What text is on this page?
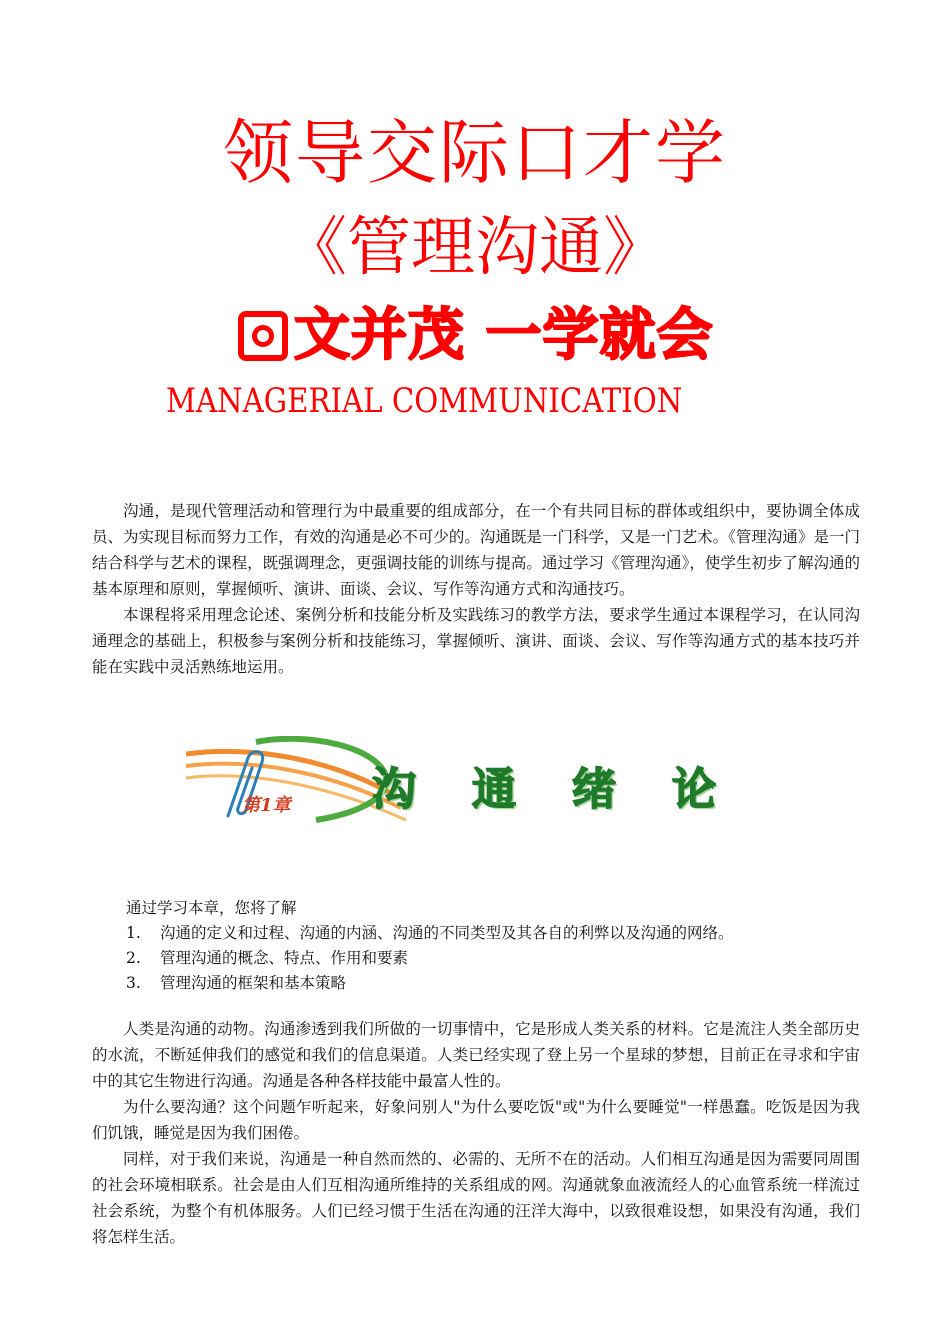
领导交际口才学
《管理沟通》
文并茂 一学就会
MANAGERIAL COMMUNICATION

沟通，是现代管理活动和管理行为中最重要的组成部分，在一个有共同目标的群体或组织中，要协调全体成员、为实现目标而努力工作，有效的沟通是必不可少的。沟通既是一门科学，又是一门艺术。《管理沟通》是一门结合科学与艺术的课程，既强调理念，更强调技能的训练与提高。通过学习《管理沟通》，使学生初步了解沟通的基本原理和原则，掌握倾听、演讲、面谈、会议、写作等沟通方式和沟通技巧。

本课程将采用理念论述、案例分析和技能分析及实践练习的教学方法，要求学生通过本课程学习，在认同沟通理念的基础上，积极参与案例分析和技能练习，掌握倾听、演讲、面谈、会议、写作等沟通方式的基本技巧并能在实践中灵活熟练地运用。

第1章 沟通绪论

通过学习本章，您将了解

1.	沟通的定义和过程、沟通的内涵、沟通的不同类型及其各自的利弊以及沟通的网络。
2.	管理沟通的概念、特点、作用和要素
3.	管理沟通的框架和基本策略

人类是沟通的动物。沟通渗透到我们所做的一切事情中，它是形成人类关系的材料。它是流注人类全部历史的水流，不断延伸我们的感觉和我们的信息渠道。人类已经实现了登上另一个星球的梦想，目前正在寻求和宇宙中的其它生物进行沟通。沟通是各种各样技能中最富人性的。

为什么要沟通？这个问题乍听起来，好象问别人"为什么要吃饭"或"为什么要睡觉"一样愚蠢。吃饭是因为我们饥饿，睡觉是因为我们困倦。

同样，对于我们来说，沟通是一种自然而然的、必需的、无所不在的活动。人们相互沟通是因为需要同周围的社会环境相联系。社会是由人们互相沟通所维持的关系组成的网。沟通就象血液流经人的心血管系统一样流过社会系统，为整个有机体服务。人们已经习惯于生活在沟通的汪洋大海中，以致很难设想，如果没有沟通，我们将怎样生活。
